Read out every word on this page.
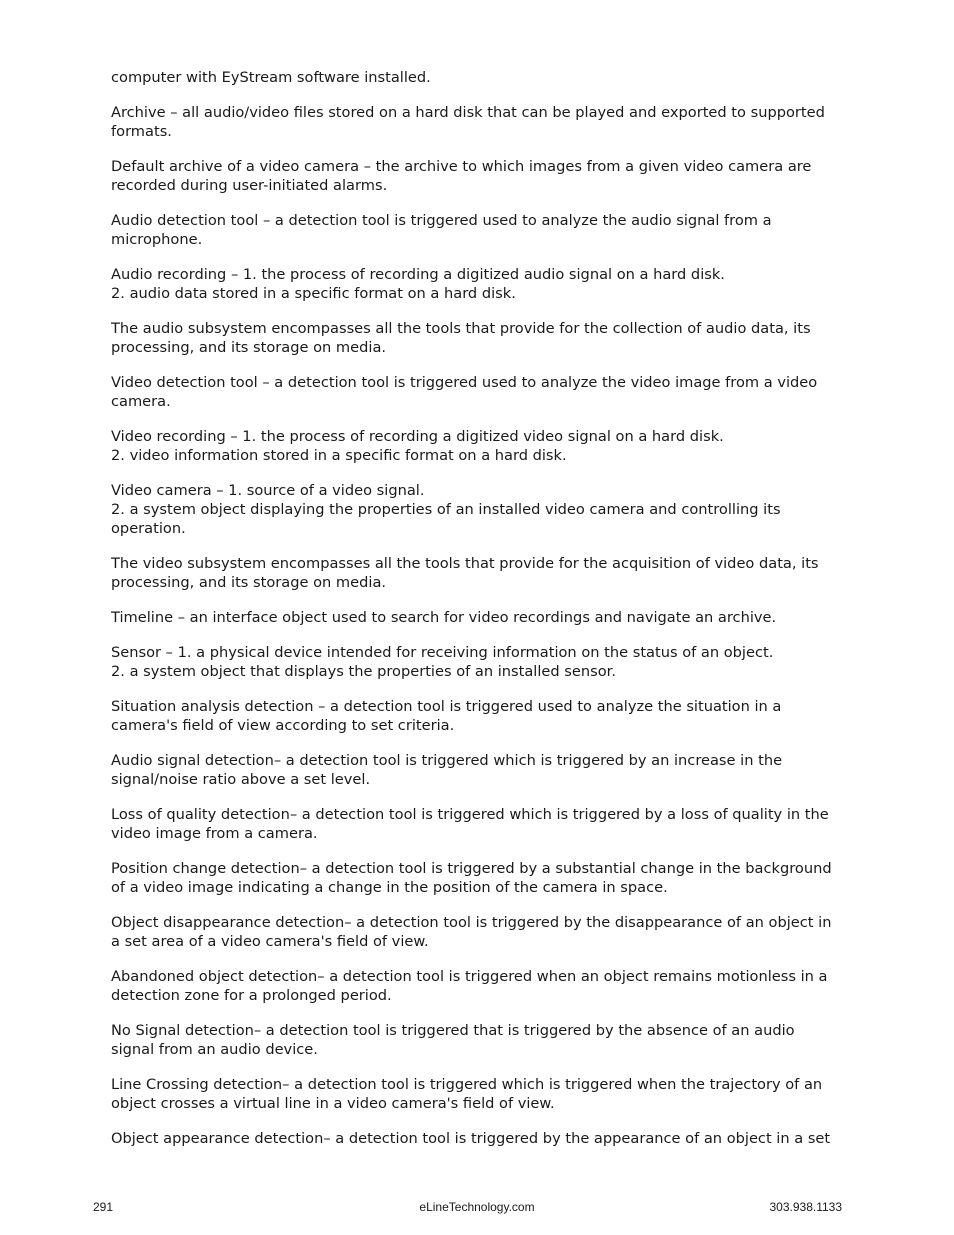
computer with EyStream software installed.

Archive – all audio/video files stored on a hard disk that can be played and exported to supported
formats.

Default archive of a video camera – the archive to which images from a given video camera are
recorded during user-initiated alarms.

Audio detection tool – a detection tool is triggered used to analyze the audio signal from a
microphone.

Audio recording – 1. the process of recording a digitized audio signal on a hard disk.
2. audio data stored in a specific format on a hard disk.

The audio subsystem encompasses all the tools that provide for the collection of audio data, its
processing, and its storage on media.

Video detection tool – a detection tool is triggered used to analyze the video image from a video
camera.

Video recording – 1. the process of recording a digitized video signal on a hard disk.
2. video information stored in a specific format on a hard disk.

Video camera – 1. source of a video signal.
2. a system object displaying the properties of an installed video camera and controlling its
operation.

The video subsystem encompasses all the tools that provide for the acquisition of video data, its
processing, and its storage on media.

Timeline – an interface object used to search for video recordings and navigate an archive.

Sensor – 1. a physical device intended for receiving information on the status of an object.
2. a system object that displays the properties of an installed sensor.

Situation analysis detection – a detection tool is triggered used to analyze the situation in a
camera's field of view according to set criteria.

Audio signal detection– a detection tool is triggered which is triggered by an increase in the
signal/noise ratio above a set level.

Loss of quality detection– a detection tool is triggered which is triggered by a loss of quality in the
video image from a camera.

Position change detection– a detection tool is triggered by a substantial change in the background
of a video image indicating a change in the position of the camera in space.

Object disappearance detection– a detection tool is triggered by the disappearance of an object in
a set area of a video camera's field of view.

Abandoned object detection– a detection tool is triggered when an object remains motionless in a
detection zone for a prolonged period.

No Signal detection– a detection tool is triggered that is triggered by the absence of an audio
signal from an audio device.

Line Crossing detection– a detection tool is triggered which is triggered when the trajectory of an
object crosses a virtual line in a video camera's field of view.

Object appearance detection– a detection tool is triggered by the appearance of an object in a set

291	eLineTechnology.com	303.938.1133
